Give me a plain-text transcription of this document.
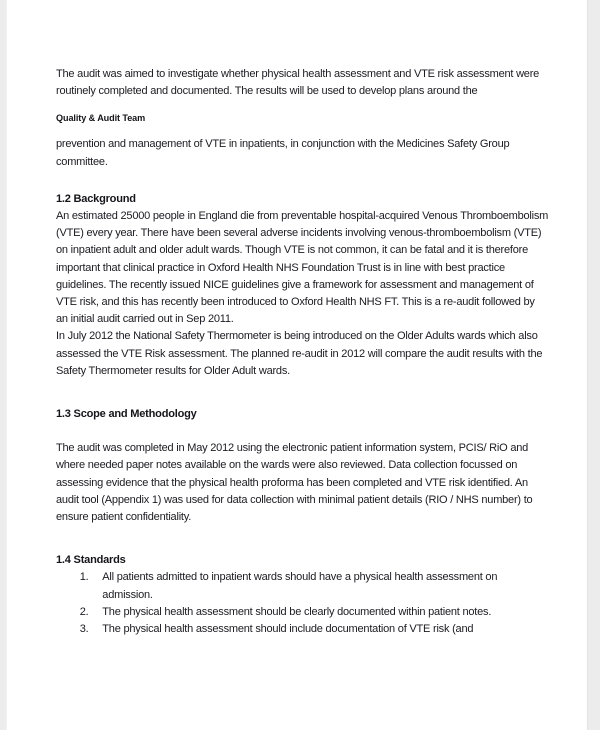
The audit was aimed to investigate whether physical health assessment and VTE risk assessment were routinely completed and documented. The results will be used to develop plans around the

Quality & Audit Team

prevention and management of VTE in inpatients, in conjunction with the Medicines Safety Group committee.

1.2 Background

An estimated 25000 people in England die from preventable hospital-acquired Venous Thromboembolism (VTE) every year. There have been several adverse incidents involving venous-thromboembolism (VTE) on inpatient adult and older adult wards. Though VTE is not common, it can be fatal and it is therefore important that clinical practice in Oxford Health NHS Foundation Trust is in line with best practice guidelines. The recently issued NICE guidelines give a framework for assessment and management of VTE risk, and this has recently been introduced to Oxford Health NHS FT. This is a re-audit followed by an initial audit carried out in Sep 2011.

In July 2012 the National Safety Thermometer is being introduced on the Older Adults wards which also assessed the VTE Risk assessment. The planned re-audit in 2012 will compare the audit results with the Safety Thermometer results for Older Adult wards.

1.3 Scope and Methodology

The audit was completed in May 2012 using the electronic patient information system, PCIS/ RiO and where needed paper notes available on the wards were also reviewed. Data collection focussed on assessing evidence that the physical health proforma has been completed and VTE risk identified. An audit tool (Appendix 1) was used for data collection with minimal patient details (RIO / NHS number) to ensure patient confidentiality.

1.4 Standards
1. All patients admitted to inpatient wards should have a physical health assessment on admission.
2. The physical health assessment should be clearly documented within patient notes.
3. The physical health assessment should include documentation of VTE risk (and
